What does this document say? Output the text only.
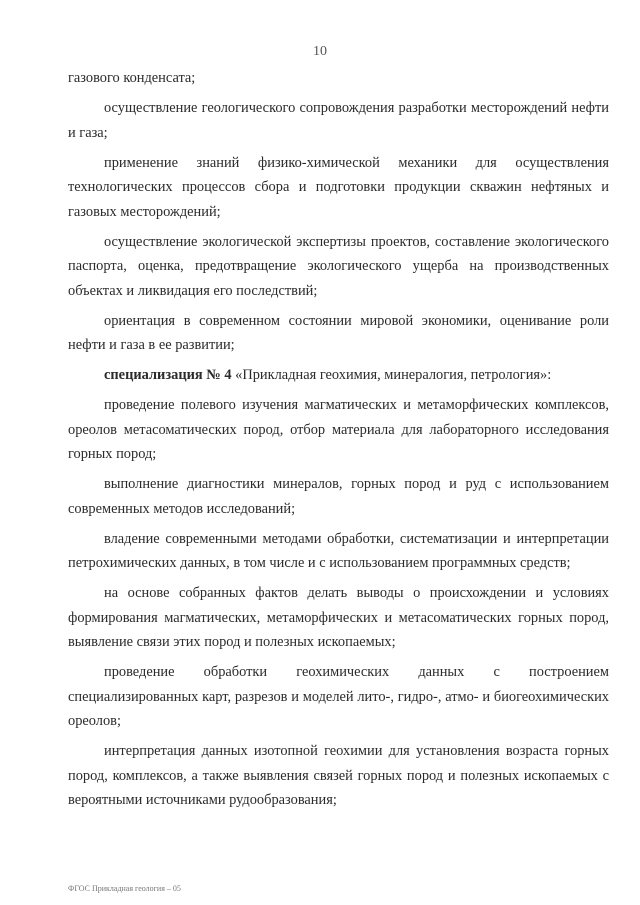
10

газового конденсата;

осуществление геологического сопровождения разработки месторождений нефти и газа;

применение знаний физико-химической механики для осуществления технологических процессов сбора и подготовки продукции скважин нефтяных и газовых месторождений;

осуществление экологической экспертизы проектов, составление экологического паспорта, оценка, предотвращение экологического ущерба на производственных объектах и ликвидация его последствий;

ориентация в современном состоянии мировой экономики, оценивание роли нефти и газа в ее развитии;

специализация № 4 «Прикладная геохимия, минералогия, петрология»:

проведение полевого изучения магматических и метаморфических комплексов, ореолов метасоматических пород, отбор материала для лабораторного исследования горных пород;

выполнение диагностики минералов, горных пород и руд с использованием современных методов исследований;

владение современными методами обработки, систематизации и интерпретации петрохимических данных, в том числе и с использованием программных средств;

на основе собранных фактов делать выводы о происхождении и условиях формирования магматических, метаморфических и метасоматических горных пород, выявление связи этих пород и полезных ископаемых;

проведение обработки геохимических данных с построением специализированных карт, разрезов и моделей лито-, гидро-, атмо- и биогеохимических ореолов;

интерпретация данных изотопной геохимии для установления возраста горных пород, комплексов, а также выявления связей горных пород и полезных ископаемых с вероятными источниками рудообразования;

ФГОС Прикладная геология – 05
